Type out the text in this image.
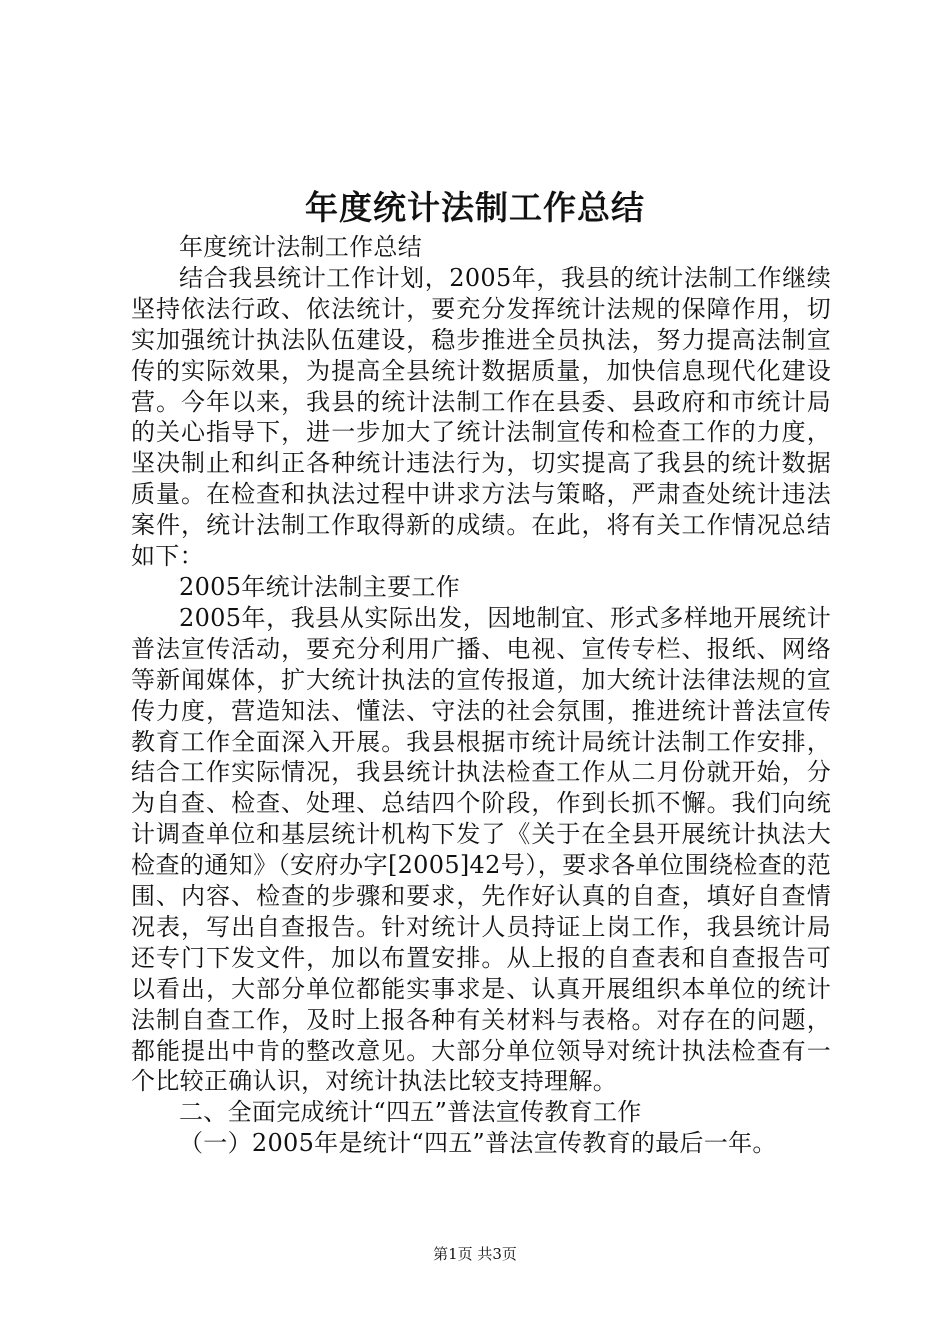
年度统计法制工作总结

年度统计法制工作总结

结合我县统计工作计划，2005年，我县的统计法制工作继续坚持依法行政、依法统计，要充分发挥统计法规的保障作用，切实加强统计执法队伍建设，稳步推进全员执法，努力提高法制宣传的实际效果，为提高全县统计数据质量，加快信息现代化建设营。今年以来，我县的统计法制工作在县委、县政府和市统计局的关心指导下，进一步加大了统计法制宣传和检查工作的力度，坚决制止和纠正各种统计违法行为，切实提高了我县的统计数据质量。在检查和执法过程中讲求方法与策略，严肃查处统计违法案件，统计法制工作取得新的成绩。在此，将有关工作情况总结如下：

2005年统计法制主要工作

2005年，我县从实际出发，因地制宜、形式多样地开展统计普法宣传活动，要充分利用广播、电视、宣传专栏、报纸、网络等新闻媒体，扩大统计执法的宣传报道，加大统计法律法规的宣传力度，营造知法、懂法、守法的社会氛围，推进统计普法宣传教育工作全面深入开展。我县根据市统计局统计法制工作安排，结合工作实际情况，我县统计执法检查工作从二月份就开始，分为自查、检查、处理、总结四个阶段，作到长抓不懈。我们向统计调查单位和基层统计机构下发了《关于在全县开展统计执法大检查的通知》（安府办字[2005]42号），要求各单位围绕检查的范围、内容、检查的步骤和要求，先作好认真的自查，填好自查情况表，写出自查报告。针对统计人员持证上岗工作，我县统计局还专门下发文件，加以布置安排。从上报的自查表和自查报告可以看出，大部分单位都能实事求是、认真开展组织本单位的统计法制自查工作，及时上报各种有关材料与表格。对存在的问题，都能提出中肯的整改意见。大部分单位领导对统计执法检查有一个比较正确认识，对统计执法比较支持理解。

二、全面完成统计“四五”普法宣传教育工作

（一）2005年是统计“四五”普法宣传教育的最后一年。

第1页 共3页
